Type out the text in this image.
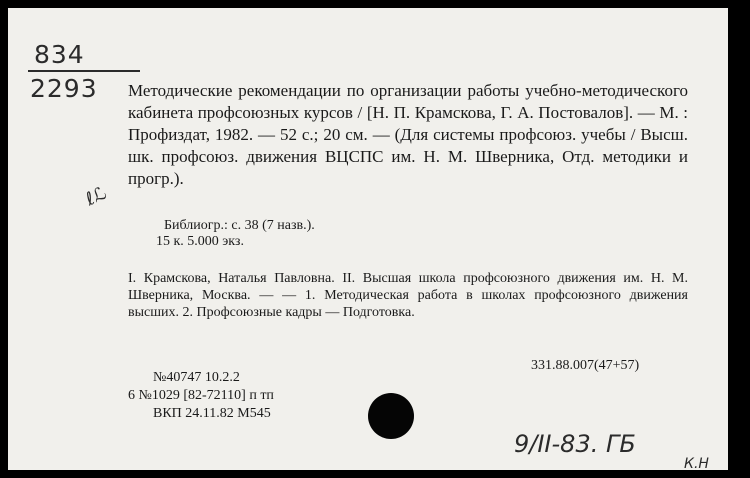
834
2293
ℓℒ
Методические рекомендации по организации работы учебно-методического кабинета профсоюзных курсов / [Н. П. Крамскова, Г. А. Постовалов]. — М. : Профиздат, 1982. — 52 с.; 20 см. — (Для системы профсоюз. учебы / Высш. шк. профсоюз. движения ВЦСПС им. Н. М. Шверника, Отд. методики и прогр.).
Библиогр.: с. 38 (7 назв.).
15 к. 5.000 экз.
I. Крамскова, Наталья Павловна. II. Высшая школа профсоюзного движения им. Н. М. Шверника, Москва. — — 1. Методическая работа в школах профсоюзного движения высших. 2. Профсоюзные кадры — Подготовка.
331.88.007(47+57)
№40747 10.2.2
6 №1029 [82-72110] п тп
ВКП 24.11.82 М545
9/II-83. ГБ
К.Н
